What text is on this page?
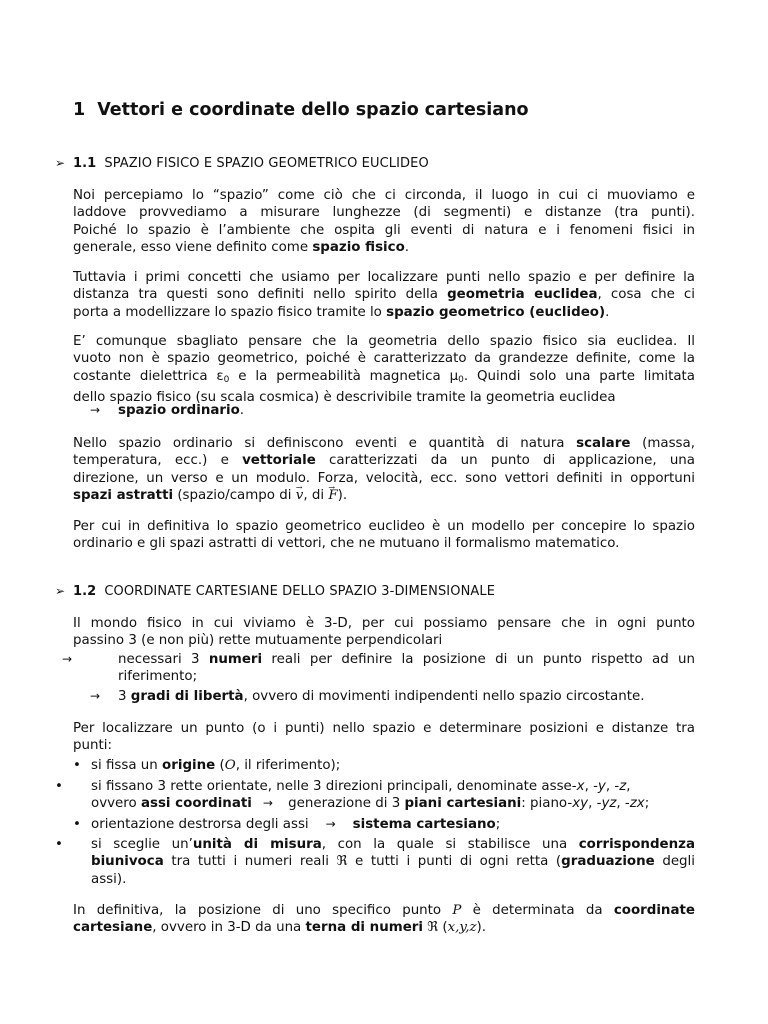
1 Vettori e coordinate dello spazio cartesiano
➢ 1.1 SPAZIO FISICO E SPAZIO GEOMETRICO EUCLIDEO
Noi percepiamo lo “spazio” come ciò che ci circonda, il luogo in cui ci muoviamo e
laddove provvediamo a misurare lunghezze (di segmenti) e distanze (tra punti).
Poiché lo spazio è l’ambiente che ospita gli eventi di natura e i fenomeni fisici in
generale, esso viene definito come spazio fisico.
Tuttavia i primi concetti che usiamo per localizzare punti nello spazio e per definire la
distanza tra questi sono definiti nello spirito della geometria euclidea, cosa che ci
porta a modellizzare lo spazio fisico tramite lo spazio geometrico (euclideo).
E’ comunque sbagliato pensare che la geometria dello spazio fisico sia euclidea. Il
vuoto non è spazio geometrico, poiché è caratterizzato da grandezze definite, come la
costante dielettrica $\varepsilon_0$ e la permeabilità magnetica $\mu_0$. Quindi solo una parte limitata
dello spazio fisico (su scala cosmica) è descrivibile tramite la geometria euclidea
→ spazio ordinario.
Nello spazio ordinario si definiscono eventi e quantità di natura scalare (massa,
temperatura, ecc.) e vettoriale caratterizzati da un punto di applicazione, una
direzione, un verso e un modulo. Forza, velocità, ecc. sono vettori definiti in opportuni
spazi astratti (spazio/campo di → v, di → F).
Per cui in definitiva lo spazio geometrico euclideo è un modello per concepire lo spazio
ordinario e gli spazi astratti di vettori, che ne mutuano il formalismo matematico.
➢ 1.2 COORDINATE CARTESIANE DELLO SPAZIO 3-DIMENSIONALE
Il mondo fisico in cui viviamo è 3-D, per cui possiamo pensare che in ogni punto
passino 3 (e non più) rette mutuamente perpendicolari
→	necessari 3 numeri reali per definire la posizione di un punto rispetto ad un riferimento;
→ 3 gradi di libertà, ovvero di movimenti indipendenti nello spazio circostante.
Per localizzare un punto (o i punti) nello spazio e determinare posizioni e distanze tra
punti:
• si fissa un origine (O, il riferimento);
• si fissano 3 rette orientate, nelle 3 direzioni principali, denominate asse-x, -y, -z,
ovvero assi coordinati → generazione di 3 piani cartesiani: piano-xy, -yz, -zx;
• orientazione destrorsa degli assi → sistema cartesiano;
• si sceglie un’unità di misura, con la quale si stabilisce una corrispondenza
biunivoca tra tutti i numeri reali ℜ e tutti i punti di ogni retta (graduazione degli
assi).
In definitiva, la posizione di uno specifico punto P è determinata da coordinate
cartesiane, ovvero in 3-D da una terna di numeri ℜ (x,y,z).
